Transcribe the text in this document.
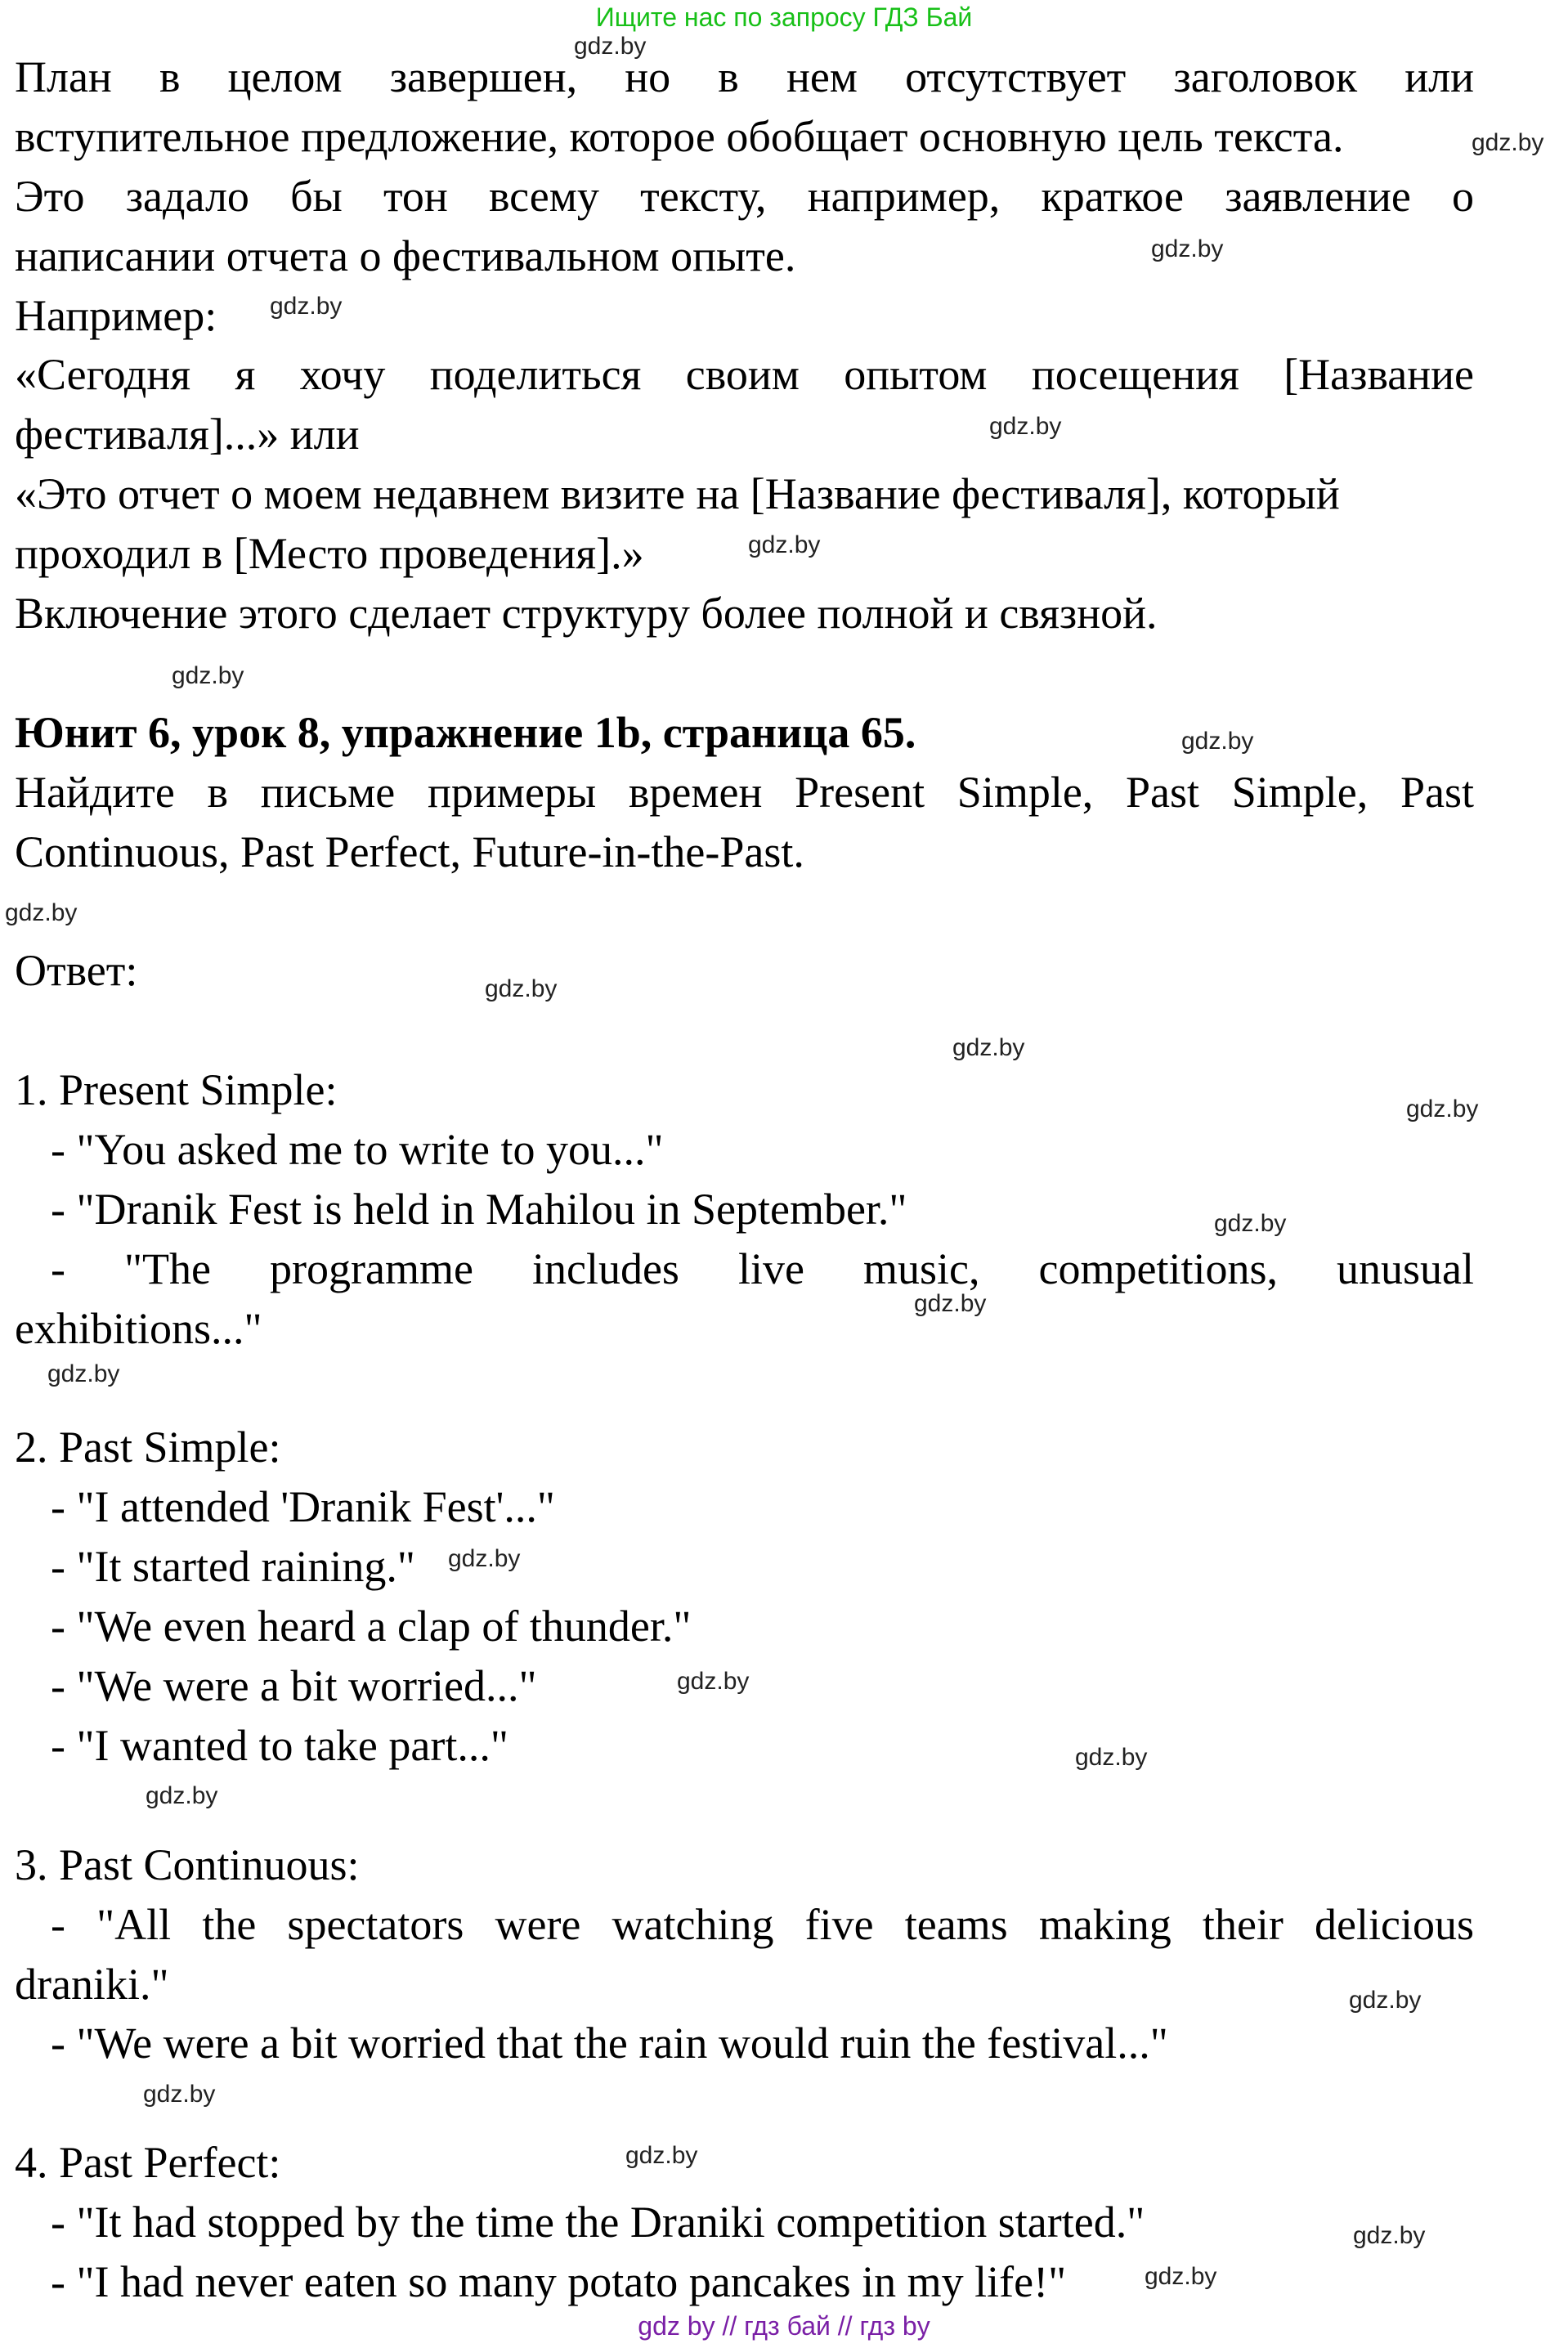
Ищите нас по запросу ГДЗ Бай
План в целом завершен, но в нем отсутствует заголовок или
вступительное предложение, которое обобщает основную цель текста.
Это задало бы тон всему тексту, например, краткое заявление о
написании отчета о фестивальном опыте.
Например:
«Сегодня я хочу поделиться своим опытом посещения [Название
фестиваля]...» или
«Это отчет о моем недавнем визите на [Название фестиваля], который
проходил в [Место проведения].»
Включение этого сделает структуру более полной и связной.
Юнит 6, урок 8, упражнение 1b, страница 65.
Найдите в письме примеры времен Present Simple, Past Simple, Past
Continuous, Past Perfect, Future-in-the-Past.
Ответ:
1. Present Simple:
- "You asked me to write to you..."
- "Dranik Fest is held in Mahilou in September."
- "The programme includes live music, competitions, unusual
exhibitions..."
2. Past Simple:
- "I attended 'Dranik Fest'..."
- "It started raining."
- "We even heard a clap of thunder."
- "We were a bit worried..."
- "I wanted to take part..."
3. Past Continuous:
- "All the spectators were watching five teams making their delicious
draniki."
- "We were a bit worried that the rain would ruin the festival..."
4. Past Perfect:
- "It had stopped by the time the Draniki competition started."
- "I had never eaten so many potato pancakes in my life!"
gdz.by
gdz.by
gdz.by
gdz.by
gdz.by
gdz.by
gdz.by
gdz.by
gdz.by
gdz.by
gdz.by
gdz.by
gdz.by
gdz.by
gdz.by
gdz.by
gdz.by
gdz.by
gdz.by
gdz.by
gdz.by
gdz.by
gdz.by
gdz.by
gdz by // гдз бай // гдз by
